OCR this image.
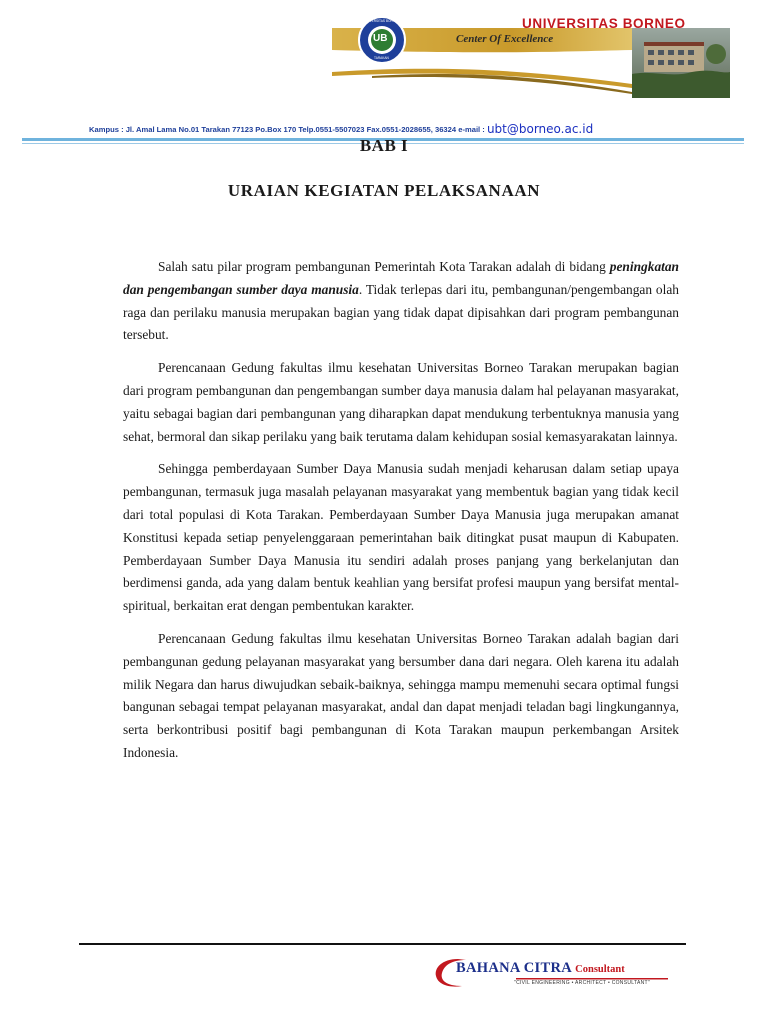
UB
UNIVERSITAS BORNEO
TARAKAN
UNIVERSITAS BORNEO
Center Of Excellence
Kampus : Jl. Amal Lama No.01 Tarakan 77123 Po.Box 170 Telp.0551-5507023 Fax.0551-2028655, 36324 e-mail : ubt@borneo.ac.id
BAB I
URAIAN KEGIATAN PELAKSANAAN

Salah satu pilar program pembangunan Pemerintah Kota Tarakan adalah di bidang peningkatan dan pengembangan sumber daya manusia. Tidak terlepas dari itu, pembangunan/pengembangan olah raga dan perilaku manusia merupakan bagian yang tidak dapat dipisahkan dari program pembangunan tersebut.

Perencanaan Gedung fakultas ilmu kesehatan Universitas Borneo Tarakan merupakan bagian dari program pembangunan dan pengembangan sumber daya manusia dalam hal pelayanan masyarakat, yaitu sebagai bagian dari pembangunan yang diharapkan dapat mendukung terbentuknya manusia yang sehat, bermoral dan sikap perilaku yang baik terutama dalam kehidupan sosial kemasyarakatan lainnya.

Sehingga pemberdayaan Sumber Daya Manusia sudah menjadi keharusan dalam setiap upaya pembangunan, termasuk juga masalah pelayanan masyarakat yang membentuk bagian yang tidak kecil dari total populasi di Kota Tarakan. Pemberdayaan Sumber Daya Manusia juga merupakan amanat Konstitusi kepada setiap penyelenggaraan pemerintahan baik ditingkat pusat maupun di Kabupaten. Pemberdayaan Sumber Daya Manusia itu sendiri adalah proses panjang yang berkelanjutan dan berdimensi ganda, ada yang dalam bentuk keahlian yang bersifat profesi maupun yang bersifat mental-spiritual, berkaitan erat dengan pembentukan karakter.

Perencanaan Gedung fakultas ilmu kesehatan Universitas Borneo Tarakan adalah bagian dari pembangunan gedung pelayanan masyarakat yang bersumber dana dari negara. Oleh karena itu adalah milik Negara dan harus diwujudkan sebaik-baiknya, sehingga mampu memenuhi secara optimal fungsi bangunan sebagai tempat pelayanan masyarakat, andal dan dapat menjadi teladan bagi lingkungannya, serta berkontribusi positif bagi pembangunan di Kota Tarakan maupun perkembangan Arsitek Indonesia.

BAHANA CITRA Consultant
"CIVIL ENGINEERING • ARCHITECT • CONSULTANT"
